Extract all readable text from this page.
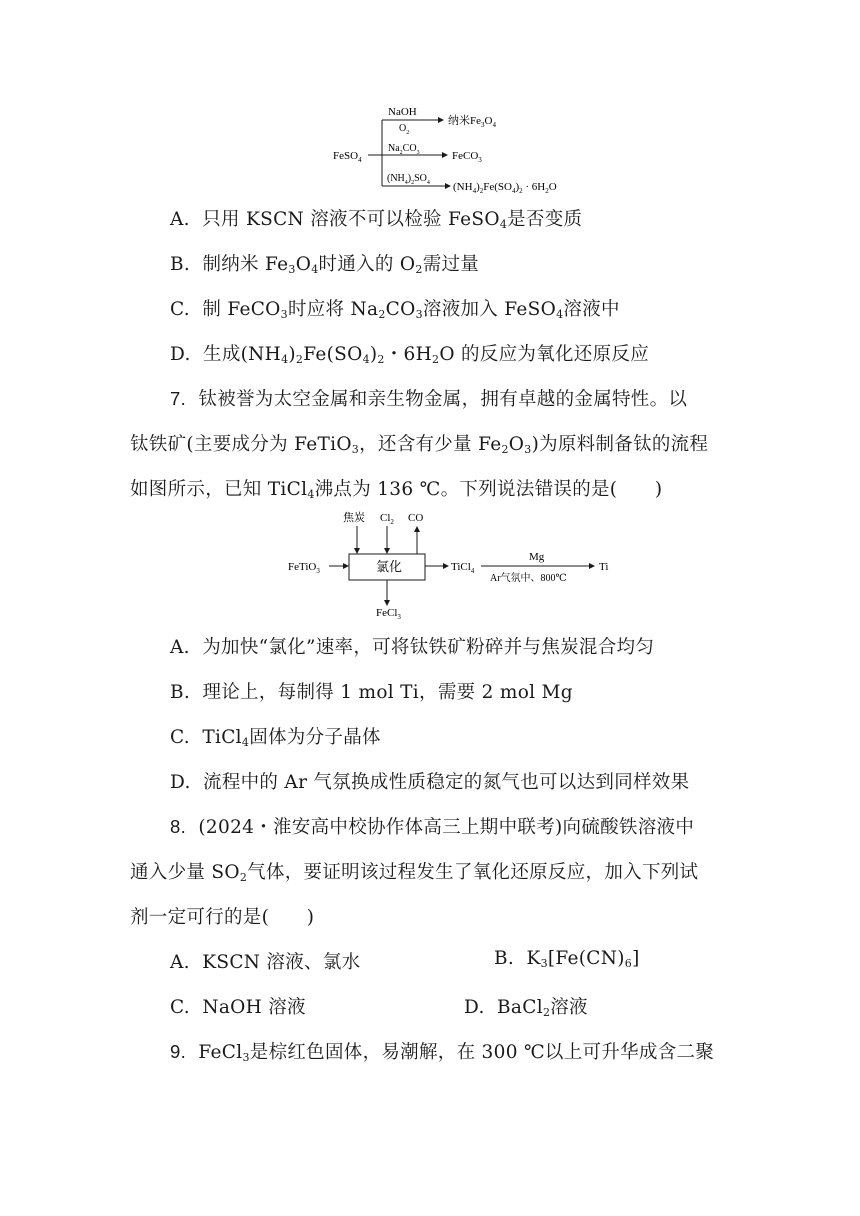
FeSO$_4$
NaOH
$O_2$
纳米$Fe_3O_4$
$Na_2CO_3$	FeCO$_3$
$(NH_4)_2SO_4$ $(NH_4)_2Fe(SO_4)_2 \cdot 6H_2O$
A. 只用 KSCN 溶液不可以检验 FeSO$_4$是否变质
B. 制纳米 $Fe_3O_4$时通入的 $O_2$需过量
C. 制 FeCO$_3$时应将 $Na_2CO_3$溶液加入 FeSO$_4$溶液中
D. 生成$(NH_4)_2Fe(SO_4)_2$・$6H_2O$ 的反应为氧化还原反应
7. 钛被誉为太空金属和亲生物金属，拥有卓越的金属特性。以
钛铁矿(主要成分为 FeTiO$_3$，还含有少量 $Fe_2O_3$)为原料制备钛的流程
如图所示，已知 TiCl$_4$沸点为 136 ℃。下列说法错误的是(　　)
焦炭 $Cl_2$ CO
FeTiO$_3$	氯化
FeCl$_3$
TiCl$_4$
Mg
Ar气氛中、800℃
Ti
A. 为加快“氯化”速率，可将钛铁矿粉碎并与焦炭混合均匀
B. 理论上，每制得 1 mol Ti，需要 2 mol Mg
C. TiCl$_4$固体为分子晶体
D. 流程中的 Ar 气氛换成性质稳定的氮气也可以达到同样效果
8. (2024・淮安高中校协作体高三上期中联考)向硫酸铁溶液中
通入少量 $SO_2$气体，要证明该过程发生了氧化还原反应，加入下列试
剂一定可行的是(　　)
A. KSCN 溶液、氯水	B. $K_3[Fe(CN)_6]$
C. NaOH 溶液	D. BaCl$_2$溶液
9. FeCl$_3$是棕红色固体，易潮解，在 300 ℃以上可升华成含二聚
